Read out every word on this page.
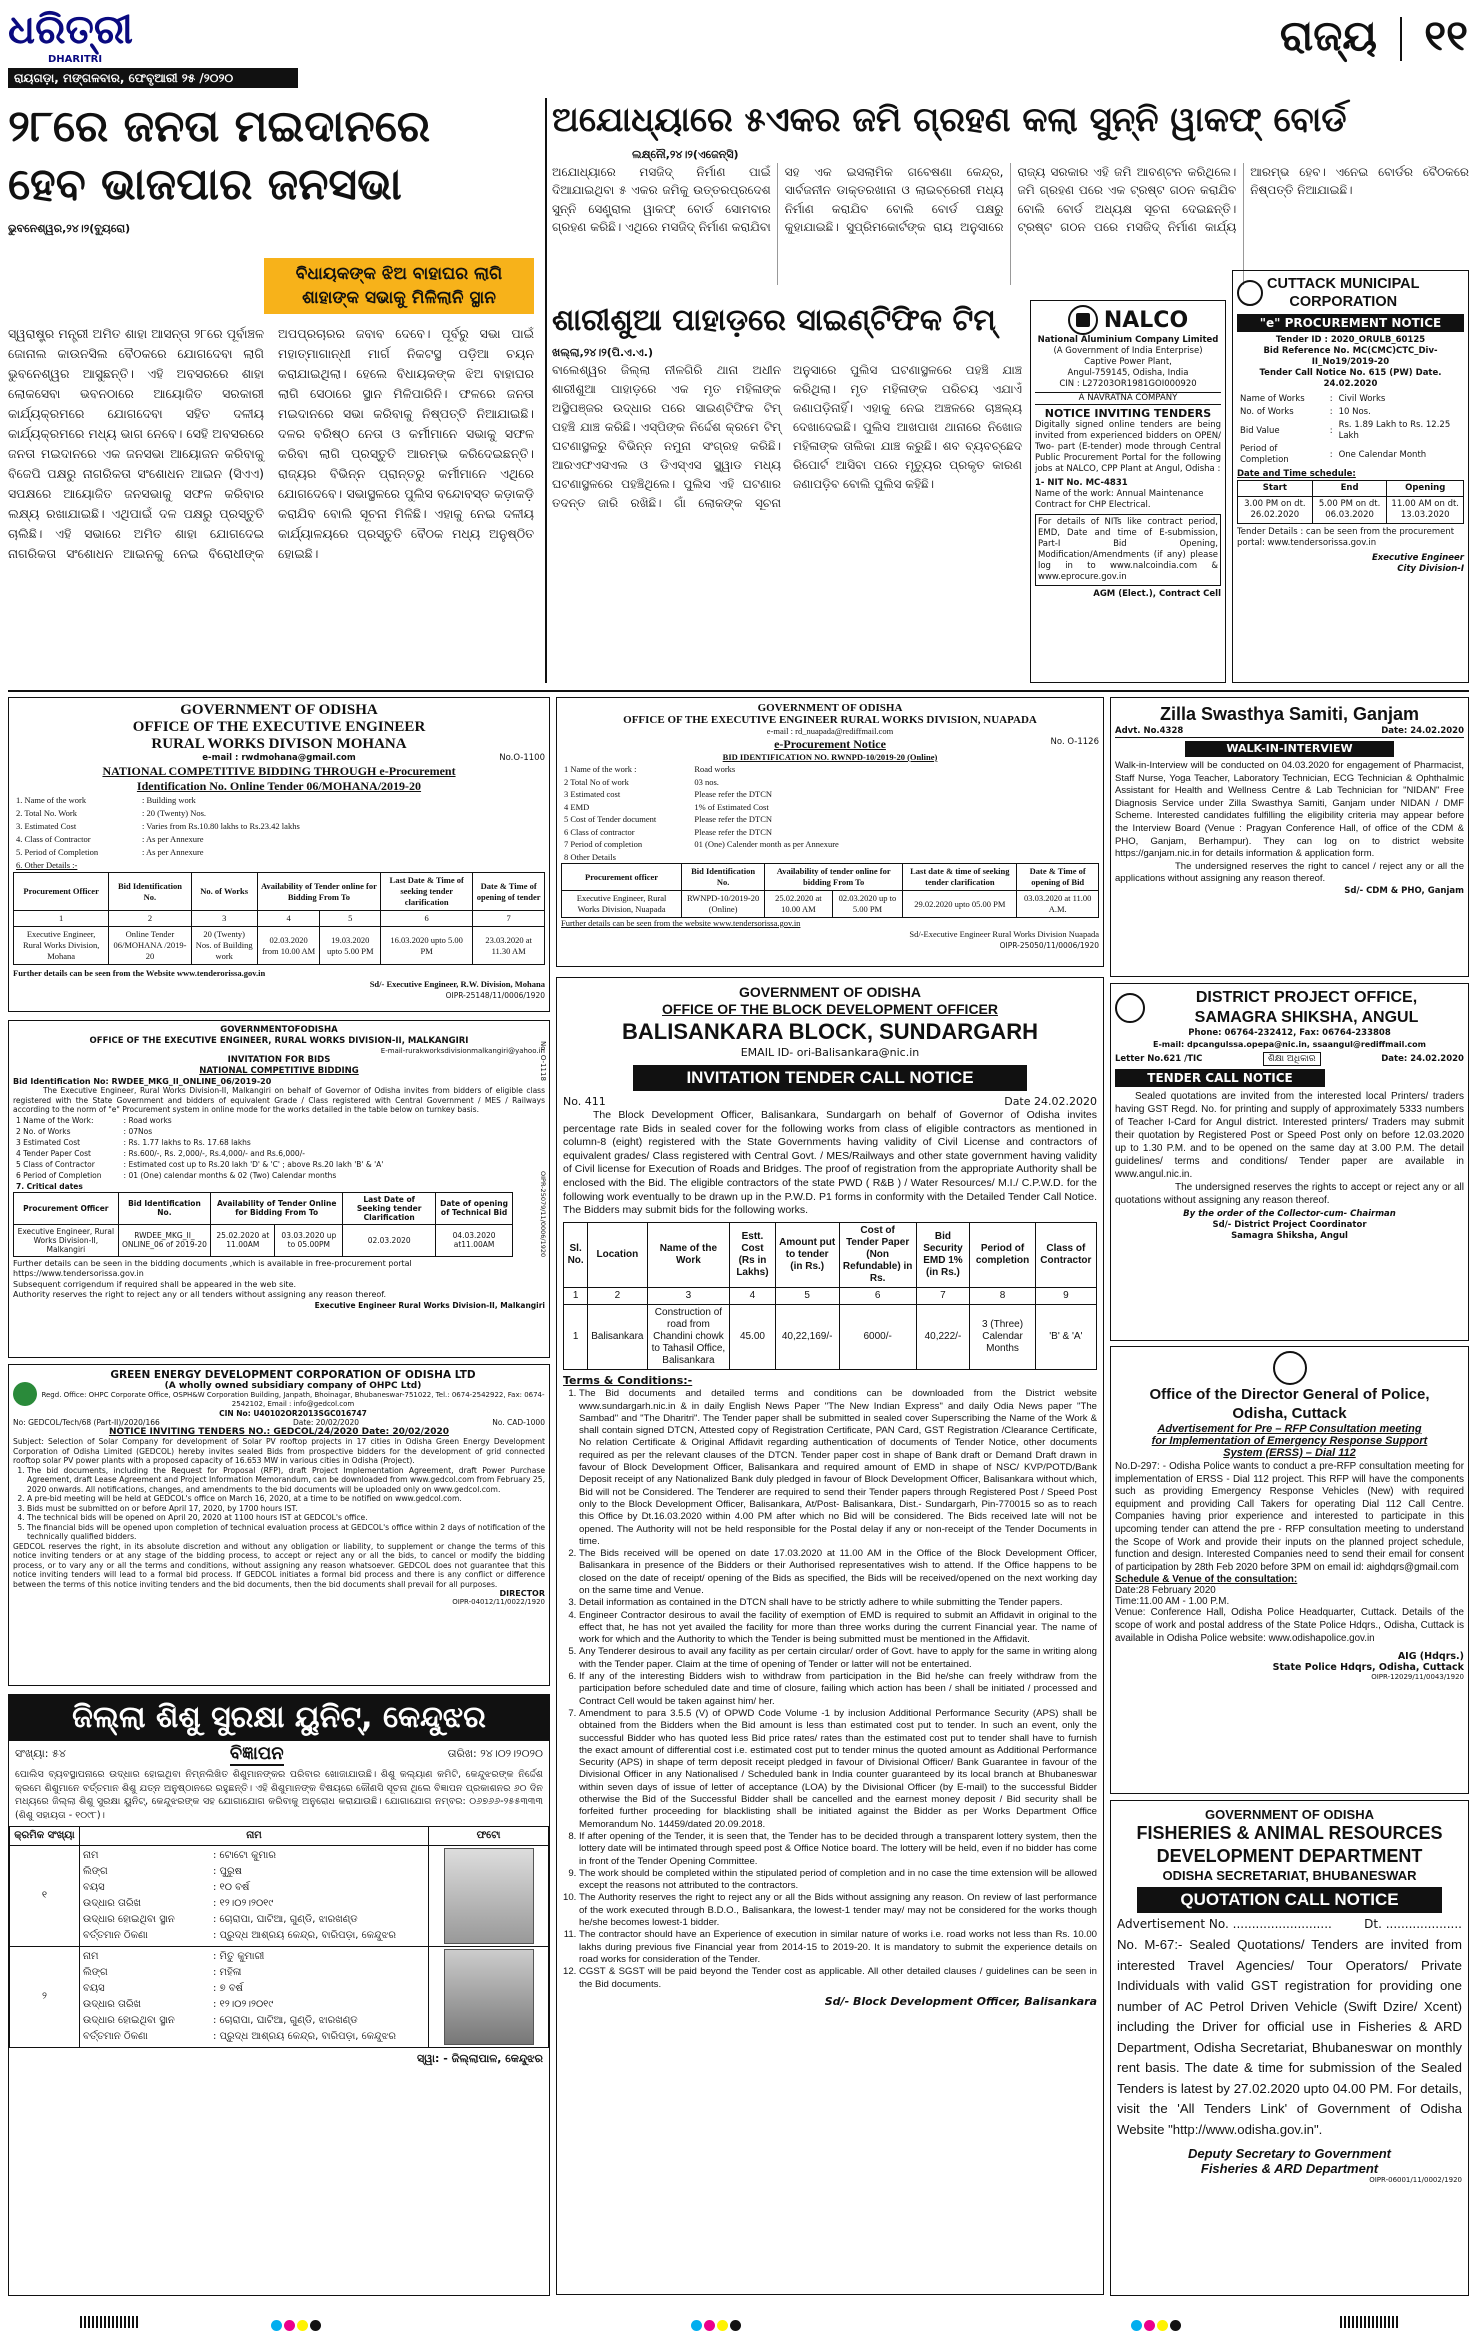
ଧରିତ୍ରୀ
DHARITRI
ରାୟଗଡ଼ା, ମଙ୍ଗଳବାର, ଫେବୃଆରୀ ୨୫ /୨୦୨୦
ରାଜ୍ୟ ୧୧
୨୮ରେ ଜନତା ମଇଦାନରେ
ହେବ ଭାଜପାର ଜନସଭା
ଭୁବନେଶ୍ୱର,୨୪।୨(ବ୍ୟୁରୋ)
ବିଧାୟକଙ୍କ ଝିଅ ବାହାଘର ଲାଗି
ଶାହାଙ୍କ ସଭାକୁ ମିଳିଲାନି ସ୍ଥାନ
ସ୍ୱରାଷ୍ଟ୍ର ମନ୍ତ୍ରୀ ଅମିତ ଶାହା ଆସନ୍ତା ୨୮ରେ ପୂର୍ବାଞ୍ଚଳ ଜୋନାଲ କାଉନସିଲ ବୈଠକରେ ଯୋଗଦେବା ଲାଗି ଭୁବନେଶ୍ୱର ଆସୁଛନ୍ତି। ଏହି ଅବସରରେ ଶାହା ଲୋକସେବା ଭବନଠାରେ ଆୟୋଜିତ ସରକାରୀ କାର୍ଯ୍ୟକ୍ରମରେ ଯୋଗଦେବା ସହିତ ଦଳୀୟ କାର୍ଯ୍ୟକ୍ରମରେ ମଧ୍ୟ ଭାଗ ନେବେ। ସେହି ଅବସରରେ ଜନତା ମଇଦାନରେ ଏକ ଜନସଭା ଆୟୋଜନ କରିବାକୁ ବିଜେପି ପକ୍ଷରୁ ନାଗରିକତା ସଂଶୋଧନ ଆଇନ (ସିଏଏ) ସପକ୍ଷରେ ଆୟୋଜିତ ଜନସଭାକୁ ସଫଳ କରିବାର ଲକ୍ଷ୍ୟ ରଖାଯାଇଛି। ଏଥିପାଇଁ ଦଳ ପକ୍ଷରୁ ପ୍ରସ୍ତୁତି ଚାଲିଛି। ଏହି ସଭାରେ ଅମିତ ଶାହା ଯୋଗଦେଇ ନାଗରିକତା ସଂଶୋଧନ ଆଇନକୁ ନେଇ ବିରୋଧୀଙ୍କ ଅପପ୍ରଚାରର ଜବାବ ଦେବେ। ପୂର୍ବରୁ ସଭା ପାଇଁ ମହାତ୍ମାଗାନ୍ଧୀ ମାର୍ଗ ନିକଟସ୍ଥ ପଡ଼ିଆ ଚୟନ କରାଯାଇଥିଲା। ହେଲେ ବିଧାୟକଙ୍କ ଝିଅ ବାହାଘର ଲାଗି ସେଠାରେ ସ୍ଥାନ ମିଳିପାରିନି। ଫଳରେ ଜନତା ମଇଦାନରେ ସଭା କରିବାକୁ ନିଷ୍ପତ୍ତି ନିଆଯାଇଛି। ଦଳର ବରିଷ୍ଠ ନେତା ଓ କର୍ମୀମାନେ ସଭାକୁ ସଫଳ କରିବା ଲାଗି ପ୍ରସ୍ତୁତି ଆରମ୍ଭ କରିଦେଇଛନ୍ତି। ରାଜ୍ୟର ବିଭିନ୍ନ ପ୍ରାନ୍ତରୁ କର୍ମୀମାନେ ଏଥିରେ ଯୋଗଦେବେ। ସଭାସ୍ଥଳରେ ପୁଲିସ ବନ୍ଦୋବସ୍ତ କଡ଼ାକଡ଼ି କରାଯିବ ବୋଲି ସୂଚନା ମିଳିଛି। ଏହାକୁ ନେଇ ଦଳୀୟ କାର୍ଯ୍ୟାଳୟରେ ପ୍ରସ୍ତୁତି ବୈଠକ ମଧ୍ୟ ଅନୁଷ୍ଠିତ ହୋଇଛି।
ଅଯୋଧ୍ୟାରେ ୫ଏକର ଜମି ଗ୍ରହଣ କଲା ସୁନ୍ନି ୱାକଫ୍ ବୋର୍ଡ
ଲକ୍ଷ୍ନୌ,୨୪।୨(ଏଜେନ୍ସି)
ଅଯୋଧ୍ୟାରେ ମସଜିଦ୍ ନିର୍ମାଣ ପାଇଁ ଦିଆଯାଇଥିବା ୫ ଏକର ଜମିକୁ ଉତ୍ତରପ୍ରଦେଶ ସୁନ୍ନି ସେଣ୍ଟ୍ରାଲ ୱାକଫ୍ ବୋର୍ଡ ସୋମବାର ଗ୍ରହଣ କରିଛି। ଏଥିରେ ମସଜିଦ୍ ନିର୍ମାଣ କରାଯିବା ସହ ଏକ ଇସଲାମିକ ଗବେଷଣା କେନ୍ଦ୍ର, ସାର୍ବଜନୀନ ଡାକ୍ତରଖାନା ଓ ଲାଇବ୍ରେରୀ ମଧ୍ୟ ନିର୍ମାଣ କରାଯିବ ବୋଲି ବୋର୍ଡ ପକ୍ଷରୁ କୁହାଯାଇଛି। ସୁପ୍ରିମକୋର୍ଟଙ୍କ ରାୟ ଅନୁସାରେ ରାଜ୍ୟ ସରକାର ଏହି ଜମି ଆବଣ୍ଟନ କରିଥିଲେ। ଜମି ଗ୍ରହଣ ପରେ ଏକ ଟ୍ରଷ୍ଟ ଗଠନ କରାଯିବ ବୋଲି ବୋର୍ଡ ଅଧ୍ୟକ୍ଷ ସୂଚନା ଦେଇଛନ୍ତି। ଟ୍ରଷ୍ଟ ଗଠନ ପରେ ମସଜିଦ୍ ନିର୍ମାଣ କାର୍ଯ୍ୟ ଆରମ୍ଭ ହେବ। ଏନେଇ ବୋର୍ଡର ବୈଠକରେ ନିଷ୍ପତ୍ତି ନିଆଯାଇଛି।
ଶାରୀଶୁଆ ପାହାଡ଼ରେ ସାଇଣ୍ଟିଫିକ ଟିମ୍
ଖଲ୍ଲା,୨୪।୨(ପି.ଏ.ଏ.)
ବାଲେଶ୍ୱର ଜିଲ୍ଲା ନୀଳଗିରି ଥାନା ଅଧୀନ ଶାରୀଶୁଆ ପାହାଡ଼ରେ ଏକ ମୃତ ମହିଳାଙ୍କ ଅସ୍ଥିପଞ୍ଜର ଉଦ୍ଧାର ପରେ ସାଇଣ୍ଟିଫିକ ଟିମ୍ ପହଞ୍ଚି ଯାଞ୍ଚ କରିଛି। ଏସ୍‌ପିଙ୍କ ନିର୍ଦ୍ଦେଶ କ୍ରମେ ଟିମ୍ ଘଟଣାସ୍ଥଳରୁ ବିଭିନ୍ନ ନମୁନା ସଂଗ୍ରହ କରିଛି। ଆରଏଫଏସଏଲ ଓ ଡିଏସ୍‌ଏସ ସ୍କ୍ୱାଡ ମଧ୍ୟ ଘଟଣାସ୍ଥଳରେ ପହଞ୍ଚିଥିଲେ। ପୁଲିସ ଏହି ଘଟଣାର ତଦନ୍ତ ଜାରି ରଖିଛି। ଗାଁ ଲୋକଙ୍କ ସୂଚନା ଅନୁସାରେ ପୁଲିସ ଘଟଣାସ୍ଥଳରେ ପହଞ୍ଚି ଯାଞ୍ଚ କରିଥିଲା। ମୃତ ମହିଳାଙ୍କ ପରିଚୟ ଏଯାଏଁ ଜଣାପଡ଼ିନାହିଁ। ଏହାକୁ ନେଇ ଅଞ୍ଚଳରେ ଚାଞ୍ଚଲ୍ୟ ଦେଖାଦେଇଛି। ପୁଲିସ ଆଖପାଖ ଥାନାରେ ନିଖୋଜ ମହିଳାଙ୍କ ତାଲିକା ଯାଞ୍ଚ କରୁଛି। ଶବ ବ୍ୟବଚ୍ଛେଦ ରିପୋର୍ଟ ଆସିବା ପରେ ମୃତ୍ୟୁର ପ୍ରକୃତ କାରଣ ଜଣାପଡ଼ିବ ବୋଲି ପୁଲିସ କହିଛି।
NALCO
National Aluminium Company Limited
(A Government of India Enterprise)
Captive Power Plant,
Angul-759145, Odisha, India
CIN : L27203OR1981GOI000920
A NAVRATNA COMPANY
NOTICE INVITING TENDERS
Digitally signed online tenders are being invited from experienced bidders on OPEN/ Two- part (E-tender) mode through Central Public Procurement Portal for the following jobs at NALCO, CPP Plant at Angul, Odisha :
1- NIT No. MC-4831
Name of the work: Annual Maintenance Contract for CHP Electrical.
For details of NITs like contract period, EMD, Date and time of E-submission, Part-I Bid Opening, Modification/Amendments (if any) please log in to www.nalcoindia.com & www.eprocure.gov.in
AGM (Elect.), Contract Cell
CUTTACK MUNICIPAL
CORPORATION
"e" PROCUREMENT NOTICE
Tender ID : 2020_ORULB_60125
Bid Reference No. MC(CMC)CTC_Div-II_No19/2019-20
Tender Call Notice No. 615 (PW) Date. 24.02.2020
Name of Works	:	Civil Works
No. of Works	:	10 Nos.
Bid Value	:	Rs. 1.89 Lakh to Rs. 12.25 Lakh
Period of Completion	:	One Calendar Month
Date and Time schedule:
Start	End	Opening
3.00 PM on dt. 26.02.2020	5.00 PM on dt. 06.03.2020	11.00 AM on dt. 13.03.2020
Tender Details : can be seen from the procurement portal: www.tendersorissa.gov.in
Executive Engineer
City Division-I
GOVERNMENT OF ODISHA
OFFICE OF THE EXECUTIVE ENGINEER
RURAL WORKS DIVISON MOHANA
e-mail : rwdmohana@gmail.com	No.O-1100
NATIONAL COMPETITIVE BIDDING THROUGH e-Procurement
Identification No. Online Tender 06/MOHANA/2019-20
1. Name of the work	: Building work
2. Total No. Work	: 20 (Twenty) Nos.
3. Estimated Cost	: Varies from Rs.10.80 lakhs to Rs.23.42 lakhs
4. Class of Contractor	: As per Annexure
5. Period of Completion	: As per Annexure
6. Other Details :-	
Procurement Officer	Bid Identification No.	No. of Works	Availability of Tender online for Bidding From To		Last Date & Time of seeking tender clarification	Date & Time of opening of tender
1	2	3	4	5	6	7
Executive Engineer, Rural Works Division, Mohana	Online Tender 06/MOHANA /2019-20	20 (Twenty) Nos. of Building work	02.03.2020 from 10.00 AM	19.03.2020 upto 5.00 PM	16.03.2020 upto 5.00 PM	23.03.2020 at 11.30 AM
Further details can be seen from the Website www.tenderorissa.gov.in
Sd/- Executive Engineer, R.W. Division, Mohana
OIPR-25148/11/0006/1920
GOVERNMENT OF ODISHA
OFFICE OF THE EXECUTIVE ENGINEER RURAL WORKS DIVISION, NUAPADA
e-mail : rd_nuapada@rediffmail.com
e-Procurement Notice	No. O-1126
BID IDENTIFICATION NO. RWNPD-10/2019-20 (Online)
1 Name of the work :	Road works
2 Total No of work	03 nos.
3 Estimated cost	Please refer the DTCN
4 EMD	1% of Estimated Cost
5 Cost of Tender document	Please refer the DTCN
6 Class of contractor	Please refer the DTCN
7 Period of completion	01 (One) Calender month as per Annexure
8 Other Details	
Procurement officer	Bid Identification No.	Availability of tender online for bidding From To		Last date & time of seeking tender clarification	Date & Time of opening of Bid
Executive Engineer, Rural Works Division, Nuapada	RWNPD-10/2019-20 (Online)	25.02.2020 at 10.00 AM	02.03.2020 up to 5.00 PM	29.02.2020 upto 05.00 PM	03.03.2020 at 11.00 A.M.
Further details can be seen from the website www.tendersorissa.gov.in
Sd/-Executive Engineer Rural Works Division Nuapada
OIPR-25050/11/0006/1920
Zilla Swasthya Samiti, Ganjam
Advt. No.4328	Date: 24.02.2020
WALK-IN-INTERVIEW
Walk-in-Interview will be conducted on 04.03.2020 for engagement of Pharmacist, Staff Nurse, Yoga Teacher, Laboratory Technician, ECG Technician & Ophthalmic Assistant for Health and Wellness Centre & Lab Technician for "NIDAN" Free Diagnosis Service under Zilla Swasthya Samiti, Ganjam under NIDAN / DMF Scheme. Interested candidates fulfilling the eligibility criteria may appear before the Interview Board (Venue : Pragyan Conference Hall, of office of the CDM & PHO, Ganjam, Berhampur). They can log on to district website https://ganjam.nic.in for details information & application form.
The undersigned reserves the right to cancel / reject any or all the applications without assigning any reason thereof.
Sd/- CDM & PHO, Ganjam
GOVERNMENTOFODISHA
OFFICE OF THE EXECUTIVE ENGINEER, RURAL WORKS DIVISION-II, MALKANGIRI
E-mail-rurakworksdivisionmalkangiri@yahoo.in
INVITATION FOR BIDS
NATIONAL COMPETITIVE BIDDING
Bid Identification No: RWDEE_MKG_II_ONLINE_06/2019-20
The Executive Engineer, Rural Works Division-II, Malkangiri on behalf of Governor of Odisha invites from bidders of eligible class registered with the State Government and bidders of equivalent Grade / Class registered with Central Government / MES / Railways according to the norm of "e" Procurement system in online mode for the works detailed in the table below on turnkey basis.
1 Name of the Work:	: Road works
2 No. of Works	: 07Nos
3 Estimated Cost	: Rs. 1.77 lakhs to Rs. 17.68 lakhs
4 Tender Paper Cost	: Rs.600/-, Rs. 2,000/-, Rs.4,000/- and Rs.6,000/-
5 Class of Contractor	: Estimated cost up to Rs.20 lakh 'D' & 'C' ; above Rs.20 lakh 'B' & 'A'
6 Period of Completion	: 01 (One) calendar months & 02 (Two) Calendar months
7. Critical dates	
Procurement Officer	Bid Identification No.	Availability of Tender Online for Bidding From To		Last Date of Seeking tender Clarification	Date of opening of Technical Bid
Executive Engineer, Rural Works Division-II, Malkangiri	RWDEE_MKG_II_ ONLINE_06 of 2019-20	25.02.2020 at 11.00AM	03.03.2020 up to 05.00PM	02.03.2020	04.03.2020 at11.00AM
Further details can be seen in the bidding documents ,which is available in free-procurement portal https://www.tendersorissa.gov.in
Subsequent corrigendum if required shall be appeared in the web site.
Authority reserves the right to reject any or all tenders without assigning any reason thereof.
Executive Engineer Rural Works Division-II, Malkangiri
No. O-1118
OIPR-25079/11/0006/1920
GOVERNMENT OF ODISHA
OFFICE OF THE BLOCK DEVELOPMENT OFFICER
BALISANKARA BLOCK, SUNDARGARH
EMAIL ID- ori-Balisankara@nic.in
INVITATION TENDER CALL NOTICE
No. 411	Date 24.02.2020
The Block Development Officer, Balisankara, Sundargarh on behalf of Governor of Odisha invites percentage rate Bids in sealed cover for the following works from class of eligible contractors as mentioned in column-8 (eight) registered with the State Governments having validity of Civil License and contractors of equivalent grades/ Class registered with Central Govt. / MES/Railways and other state government having validity of Civil license for Execution of Roads and Bridges. The proof of registration from the appropriate Authority shall be enclosed with the Bid. The eligible contractors of the state PWD ( R&B ) / Water Resources/ M.I./ C.P.W.D. for the following work eventually to be drawn up in the P.W.D. P1 forms in conformity with the Detailed Tender Call Notice. The Bidders may submit bids for the following works.
Sl. No.	Location	Name of the Work	Estt. Cost (Rs in Lakhs)	Amount put to tender (in Rs.)	Cost of Tender Paper (Non Refundable) in Rs.	Bid Security EMD 1% (in Rs.)	Period of completion	Class of Contractor
1	2	3	4	5	6	7	8	9
1	Balisankara	Construction of road from Chandini chowk to Tahasil Office, Balisankara	45.00	40,22,169/-	6000/-	40,222/-	3 (Three) Calendar Months	'B' & 'A'
Terms & Conditions:-
1. The Bid documents and detailed terms and conditions can be downloaded from the District website www.sundargarh.nic.in & in daily English News Paper "The New Indian Express" and daily Odia News paper "The Sambad" and "The Dharitri". The Tender paper shall be submitted in sealed cover Superscribing the Name of the Work & shall contain signed DTCN, Attested copy of Registration Certificate, PAN Card, GST Registration /Clearance Certificate, No relation Certificate & Original Affidavit regarding authentication of documents of Tender Notice, other documents required as per the relevant clauses of the DTCN. Tender paper cost in shape of Bank draft or Demand Draft drawn in favour of Block Development Officer, Balisankara and required amount of EMD in shape of NSC/ KVP/POTD/Bank Deposit receipt of any Nationalized Bank duly pledged in favour of Block Development Officer, Balisankara without which, Bid will not be Considered. The Tenderer are required to send their Tender papers through Registered Post / Speed Post only to the Block Development Officer, Balisankara, At/Post- Balisankara, Dist.- Sundargarh, Pin-770015 so as to reach this Office by Dt.16.03.2020 within 4.00 PM after which no Bid will be considered. The Bids received late will not be opened. The Authority will not be held responsible for the Postal delay if any or non-receipt of the Tender Documents in time.
2. The Bids received will be opened on date 17.03.2020 at 11.00 AM in the Office of the Block Development Officer, Balisankara in presence of the Bidders or their Authorised representatives wish to attend. If the Office happens to be closed on the date of receipt/ opening of the Bids as specified, the Bids will be received/opened on the next working day on the same time and Venue.
3. Detail information as contained in the DTCN shall have to be strictly adhere to while submitting the Tender papers.
4. Engineer Contractor desirous to avail the facility of exemption of EMD is required to submit an Affidavit in original to the effect that, he has not yet availed the facility for more than three works during the current Financial year. The name of work for which and the Authority to which the Tender is being submitted must be mentioned in the Affidavit.
5. Any Tenderer desirous to avail any facility as per certain circular/ order of Govt. have to apply for the same in writing along with the Tender paper. Claim at the time of opening of Tender or latter will not be entertained.
6. If any of the interesting Bidders wish to withdraw from participation in the Bid he/she can freely withdraw from the participation before scheduled date and time of closure, failing which action has been / shall be initiated / processed and Contract Cell would be taken against him/ her.
7. Amendment to para 3.5.5 (V) of OPWD Code Volume -1 by inclusion Additional Performance Security (APS) shall be obtained from the Bidders when the Bid amount is less than estimated cost put to tender. In such an event, only the successful Bidder who has quoted less Bid price rates/ rates than the estimated cost put to tender shall have to furnish the exact amount of differential cost i.e. estimated cost put to tender minus the quoted amount as Additional Performance Security (APS) in shape of term deposit receipt pledged in favour of Divisional Officer/ Bank Guarantee in favour of the Divisional Officer in any Nationalised / Scheduled bank in India counter guaranteed by its local branch at Bhubaneswar within seven days of issue of letter of acceptance (LOA) by the Divisional Officer (by E-mail) to the successful Bidder otherwise the Bid of the Successful Bidder shall be cancelled and the earnest money deposit / Bid security shall be forfeited further proceeding for blacklisting shall be initiated against the Bidder as per Works Department Office Memorandum No. 14459/dated 20.09.2018.
8. If after opening of the Tender, it is seen that, the Tender has to be decided through a transparent lottery system, then the lottery date will be intimated through speed post & Office Notice board. The lottery will be held, even if no bidder has come in front of the Tender Opening Committee.
9. The work should be completed within the stipulated period of completion and in no case the time extension will be allowed except the reasons not attributed to the contractors.
10. The Authority reserves the right to reject any or all the Bids without assigning any reason. On review of last performance of the work executed through B.D.O., Balisankara, the lowest-1 tender may/ may not be considered for the works though he/she becomes lowest-1 bidder.
11. The contractor should have an Experience of execution in similar nature of works i.e. road works not less than Rs. 10.00 lakhs during previous five Financial year from 2014-15 to 2019-20. It is mandatory to submit the experience details on road works for consideration of the Tender.
12. CGST & SGST will be paid beyond the Tender cost as applicable. All other detailed clauses / guidelines can be seen in the Bid documents.
Sd/- Block Development Officer, Balisankara
DISTRICT PROJECT OFFICE,
SAMAGRA SHIKSHA, ANGUL
Phone: 06764-232412, Fax: 06764-233808
E-mail: dpcangulssa.opepa@nic.in, ssaangul@rediffmail.com
Letter No.621 /TIC	ଶିକ୍ଷା ଅଧିକାର	Date: 24.02.2020
TENDER CALL NOTICE
Sealed quotations are invited from the interested local Printers/ traders having GST Regd. No. for printing and supply of approximately 5333 numbers of Teacher I-Card for Angul district. Interested printers/ Traders may submit their quotation by Registered Post or Speed Post only on before 12.03.2020 up to 1.30 P.M. and to be opened on the same day at 3.00 P.M. The detail guidelines/ terms and conditions/ Tender paper are available in www.angul.nic.in.
The undersigned reserves the rights to accept or reject any or all quotations without assigning any reason thereof.
By the order of the Collector-cum- Chairman
Sd/- District Project Coordinator
Samagra Shiksha, Angul
GREEN ENERGY DEVELOPMENT CORPORATION OF ODISHA LTD
(A wholly owned subsidiary company of OHPC Ltd)
Regd. Office: OHPC Corporate Office, OSPH&W Corporation Building, Janpath, Bhoinagar, Bhubaneswar-751022, Tel.: 0674-2542922, Fax: 0674-2542102, Email : info@gedcol.com
CIN No: U40102OR2013SGC016747
No: GEDCOL/Tech/68 (Part-II)/2020/166	Date: 20/02/2020	No. CAD-1000
NOTICE INVITING TENDERS NO.: GEDCOL/24/2020 Date: 20/02/2020
Subject: Selection of Solar Company for development of Solar PV rooftop projects in 17 cities in Odisha Green Energy Development Corporation of Odisha Limited (GEDCOL) hereby invites sealed Bids from prospective bidders for the development of grid connected rooftop solar PV power plants with a proposed capacity of 16.653 MW in various cities in Odisha (Project).
1. The bid documents, including the Request for Proposal (RFP), draft Project Implementation Agreement, draft Power Purchase Agreement, draft Lease Agreement and Project Information Memorandum, can be downloaded from www.gedcol.com from February 25, 2020 onwards. All notifications, changes, and amendments to the bid documents will be uploaded only on www.gedcol.com.
2. A pre-bid meeting will be held at GEDCOL's office on March 16, 2020, at a time to be notified on www.gedcol.com.
3. Bids must be submitted on or before April 17, 2020, by 1700 hours IST.
4. The technical bids will be opened on April 20, 2020 at 1100 hours IST at GEDCOL's office.
5. The financial bids will be opened upon completion of technical evaluation process at GEDCOL's office within 2 days of notification of the technically qualified bidders.
GEDCOL reserves the right, in its absolute discretion and without any obligation or liability, to supplement or change the terms of this notice inviting tenders or at any stage of the bidding process, to accept or reject any or all the bids, to cancel or modify the bidding process, or to vary any or all the terms and conditions, without assigning any reason whatsoever. GEDCOL does not guarantee that this notice inviting tenders will lead to a formal bid process. If GEDCOL initiates a formal bid process and there is any conflict or difference between the terms of this notice inviting tenders and the bid documents, then the bid documents shall prevail for all purposes.
DIRECTOR
OIPR-04012/11/0022/1920
Office of the Director General of Police,
Odisha, Cuttack
Advertisement for Pre – RFP Consultation meeting
for Implementation of Emergency Response Support
System (ERSS) – Dial 112
No.D-297: - Odisha Police wants to conduct a pre-RFP consultation meeting for implementation of ERSS - Dial 112 project. This RFP will have the components such as providing Emergency Response Vehicles (New) with required equipment and providing Call Takers for operating Dial 112 Call Centre. Companies having prior experience and interested to participate in this upcoming tender can attend the pre - RFP consultation meeting to understand the Scope of Work and provide their inputs on the planned project schedule, function and design. Interested Companies need to send their email for consent of participation by 28th Feb 2020 before 3PM on email id: aighdqrs@gmail.com
Schedule & Venue of the consultation:
Date:28 February 2020
Time:11.00 AM - 1.00 P.M.
Venue: Conference Hall, Odisha Police Headquarter, Cuttack. Details of the scope of work and postal address of the State Police Hdqrs., Odisha, Cuttack is available in Odisha Police website: www.odishapolice.gov.in
AIG (Hdqrs.)
State Police Hdqrs, Odisha, Cuttack
OIPR-12029/11/0043/1920
ଜିଲ୍ଲା ଶିଶୁ ସୁରକ୍ଷା ୟୁନିଟ୍, କେନ୍ଦୁଝର
ସଂଖ୍ୟା: ୫୪	ବିଜ୍ଞାପନ	ତାରିଖ: ୨୪।୦୨।୨୦୨୦
ପୋଲିସ ବ୍ୟବସ୍ଥାପନାରେ ଉଦ୍ଧାର ହୋଇଥିବା ନିମ୍ନଲିଖିତ ଶିଶୁମାନଙ୍କର ପରିବାର ଖୋଜାଯାଉଛି। ଶିଶୁ କଲ୍ୟାଣ କମିଟି, କେନ୍ଦୁଝରଙ୍କ ନିର୍ଦ୍ଦେଶ କ୍ରମେ ଶିଶୁମାନେ ବର୍ତ୍ତମାନ ଶିଶୁ ଯତ୍ନ ଅନୁଷ୍ଠାନରେ ରହୁଛନ୍ତି। ଏହି ଶିଶୁମାନଙ୍କ ବିଷୟରେ କୌଣସି ସୂଚନା ଥିଲେ ବିଜ୍ଞାପନ ପ୍ରକାଶନର ୬୦ ଦିନ ମଧ୍ୟରେ ଜିଲ୍ଲା ଶିଶୁ ସୁରକ୍ଷା ୟୁନିଟ୍, କେନ୍ଦୁଝରଙ୍କ ସହ ଯୋଗାଯୋଗ କରିବାକୁ ଅନୁରୋଧ କରାଯାଉଛି। ଯୋଗାଯୋଗ ନମ୍ବର: ୦୬୭୬୬-୨୫୫୩୩୩ (ଶିଶୁ ସହାୟତା - ୧୦୯୮)।
କ୍ରମିକ ସଂଖ୍ୟା	ନାମ	ଫଟୋ
୧	
ନାମ	: ଟୋଟୋ କୁମାର
ଲିଙ୍ଗ	: ପୁରୁଷ
ବୟସ	: ୧୦ ବର୍ଷ
ଉଦ୍ଧାର ତାରିଖ	: ୧୨।୦୨।୨୦୧୯
ଉଦ୍ଧାର ହୋଇଥିବା ସ୍ଥାନ	: ଚୋରାପା, ଘାଟିଆ, ଗୁଣ୍ଡି, ଝାରଖଣ୍ଡ
ବର୍ତ୍ତମାନ ଠିକଣା	: ପ୍ରୁଦ୍ଧ ଆଶ୍ରୟ କେନ୍ଦ୍ର, ବାରିପଡ଼ା, କେନ୍ଦୁଝର

୨	
ନାମ	: ମିତୁ କୁମାରୀ
ଲିଙ୍ଗ	: ମହିଳା
ବୟସ	: ୭ ବର୍ଷ
ଉଦ୍ଧାର ତାରିଖ	: ୧୨।୦୨।୨୦୧୯
ଉଦ୍ଧାର ହୋଇଥିବା ସ୍ଥାନ	: ଚୋରାପା, ଘାଟିଆ, ଗୁଣ୍ଡି, ଝାରଖଣ୍ଡ
ବର୍ତ୍ତମାନ ଠିକଣା	: ପ୍ରୁଦ୍ଧ ଆଶ୍ରୟ କେନ୍ଦ୍ର, ବାରିପଡ଼ା, କେନ୍ଦୁଝର

ସ୍ୱା: - ଜିଲ୍ଲାପାଳ, କେନ୍ଦୁଝର
GOVERNMENT OF ODISHA
FISHERIES & ANIMAL RESOURCES
DEVELOPMENT DEPARTMENT
ODISHA SECRETARIAT, BHUBANESWAR
QUOTATION CALL NOTICE
Advertisement No. ..........................	Dt. ....................
No. M-67:- Sealed Quotations/ Tenders are invited from interested Travel Agencies/ Tour Operators/ Private Individuals with valid GST registration for providing one number of AC Petrol Driven Vehicle (Swift Dzire/ Xcent) including the Driver for official use in Fisheries & ARD Department, Odisha Secretariat, Bhubaneswar on monthly rent basis. The date & time for submission of the Sealed Tenders is latest by 27.02.2020 upto 04.00 PM. For details, visit the 'All Tenders Link' of Government of Odisha Website "http://www.odisha.gov.in".
Deputy Secretary to Government
Fisheries & ARD Department
OIPR-06001/11/0002/1920
